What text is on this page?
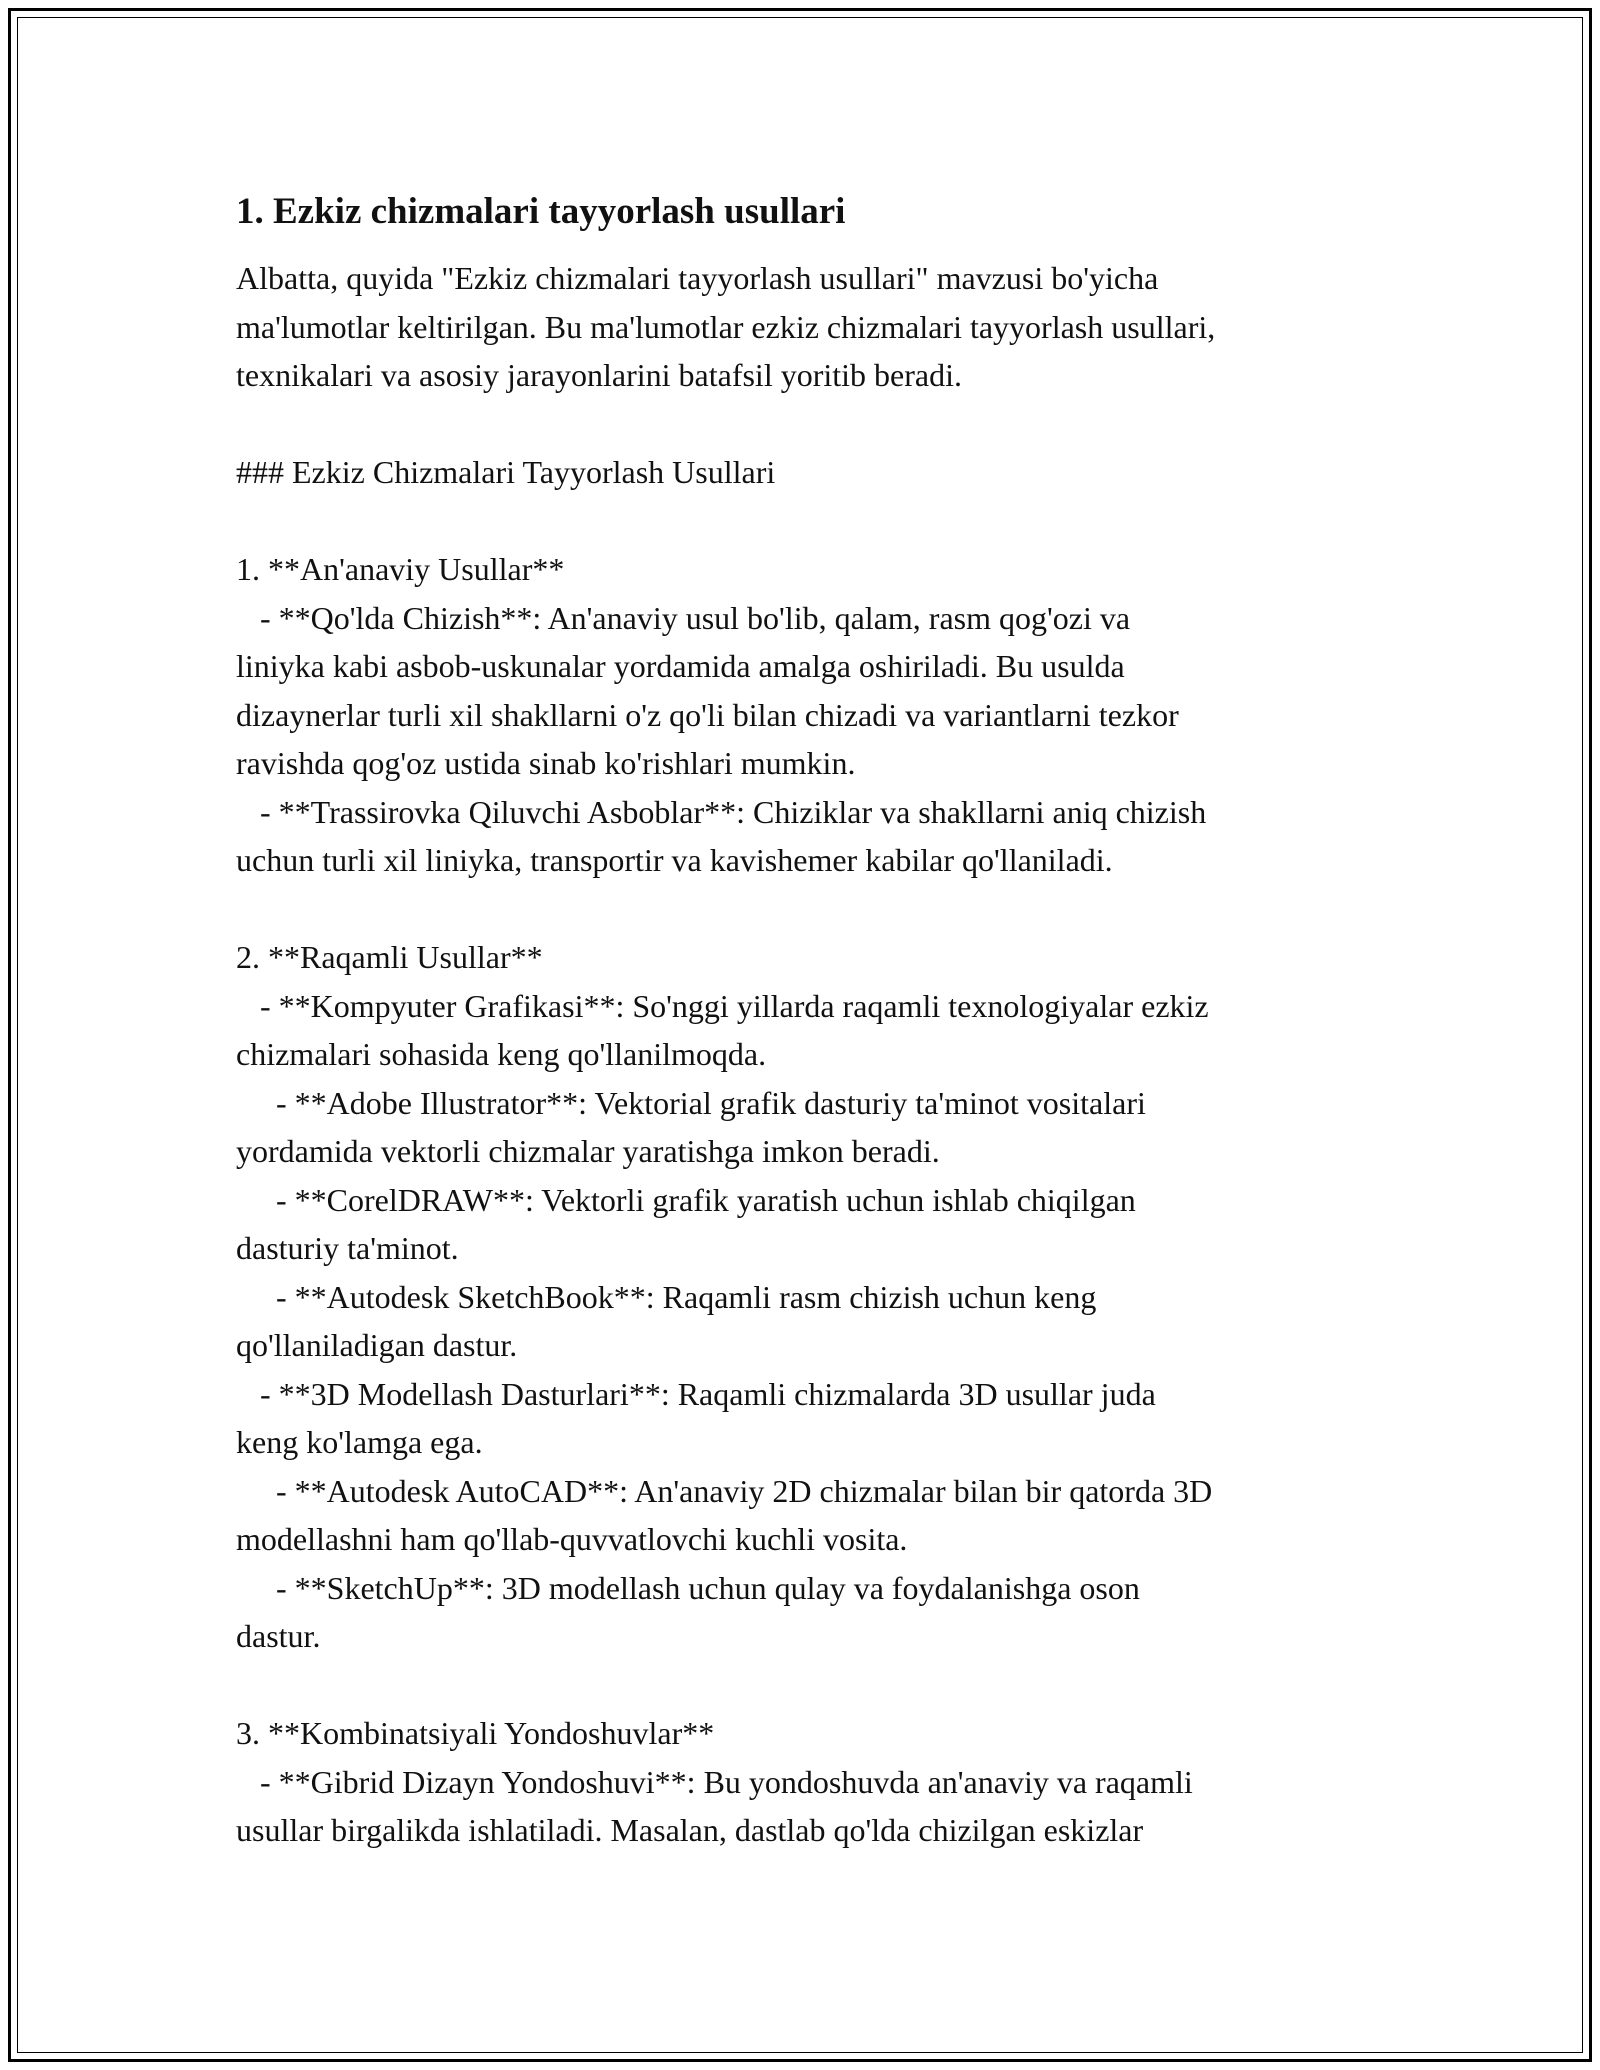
1. Ezkiz chizmalari tayyorlash usullari
Albatta, quyida "Ezkiz chizmalari tayyorlash usullari" mavzusi bo'yicha
ma'lumotlar keltirilgan. Bu ma'lumotlar ezkiz chizmalari tayyorlash usullari,
texnikalari va asosiy jarayonlarini batafsil yoritib beradi.
### Ezkiz Chizmalari Tayyorlash Usullari
1. **An'anaviy Usullar**
- **Qo'lda Chizish**: An'anaviy usul bo'lib, qalam, rasm qog'ozi va
liniyka kabi asbob-uskunalar yordamida amalga oshiriladi. Bu usulda
dizaynerlar turli xil shakllarni o'z qo'li bilan chizadi va variantlarni tezkor
ravishda qog'oz ustida sinab ko'rishlari mumkin.
- **Trassirovka Qiluvchi Asboblar**: Chiziklar va shakllarni aniq chizish
uchun turli xil liniyka, transportir va kavishemer kabilar qo'llaniladi.
2. **Raqamli Usullar**
- **Kompyuter Grafikasi**: So'nggi yillarda raqamli texnologiyalar ezkiz
chizmalari sohasida keng qo'llanilmoqda.
- **Adobe Illustrator**: Vektorial grafik dasturiy ta'minot vositalari
yordamida vektorli chizmalar yaratishga imkon beradi.
- **CorelDRAW**: Vektorli grafik yaratish uchun ishlab chiqilgan
dasturiy ta'minot.
- **Autodesk SketchBook**: Raqamli rasm chizish uchun keng
qo'llaniladigan dastur.
- **3D Modellash Dasturlari**: Raqamli chizmalarda 3D usullar juda
keng ko'lamga ega.
- **Autodesk AutoCAD**: An'anaviy 2D chizmalar bilan bir qatorda 3D
modellashni ham qo'llab-quvvatlovchi kuchli vosita.
- **SketchUp**: 3D modellash uchun qulay va foydalanishga oson
dastur.
3. **Kombinatsiyali Yondoshuvlar**
- **Gibrid Dizayn Yondoshuvi**: Bu yondoshuvda an'anaviy va raqamli
usullar birgalikda ishlatiladi. Masalan, dastlab qo'lda chizilgan eskizlar
